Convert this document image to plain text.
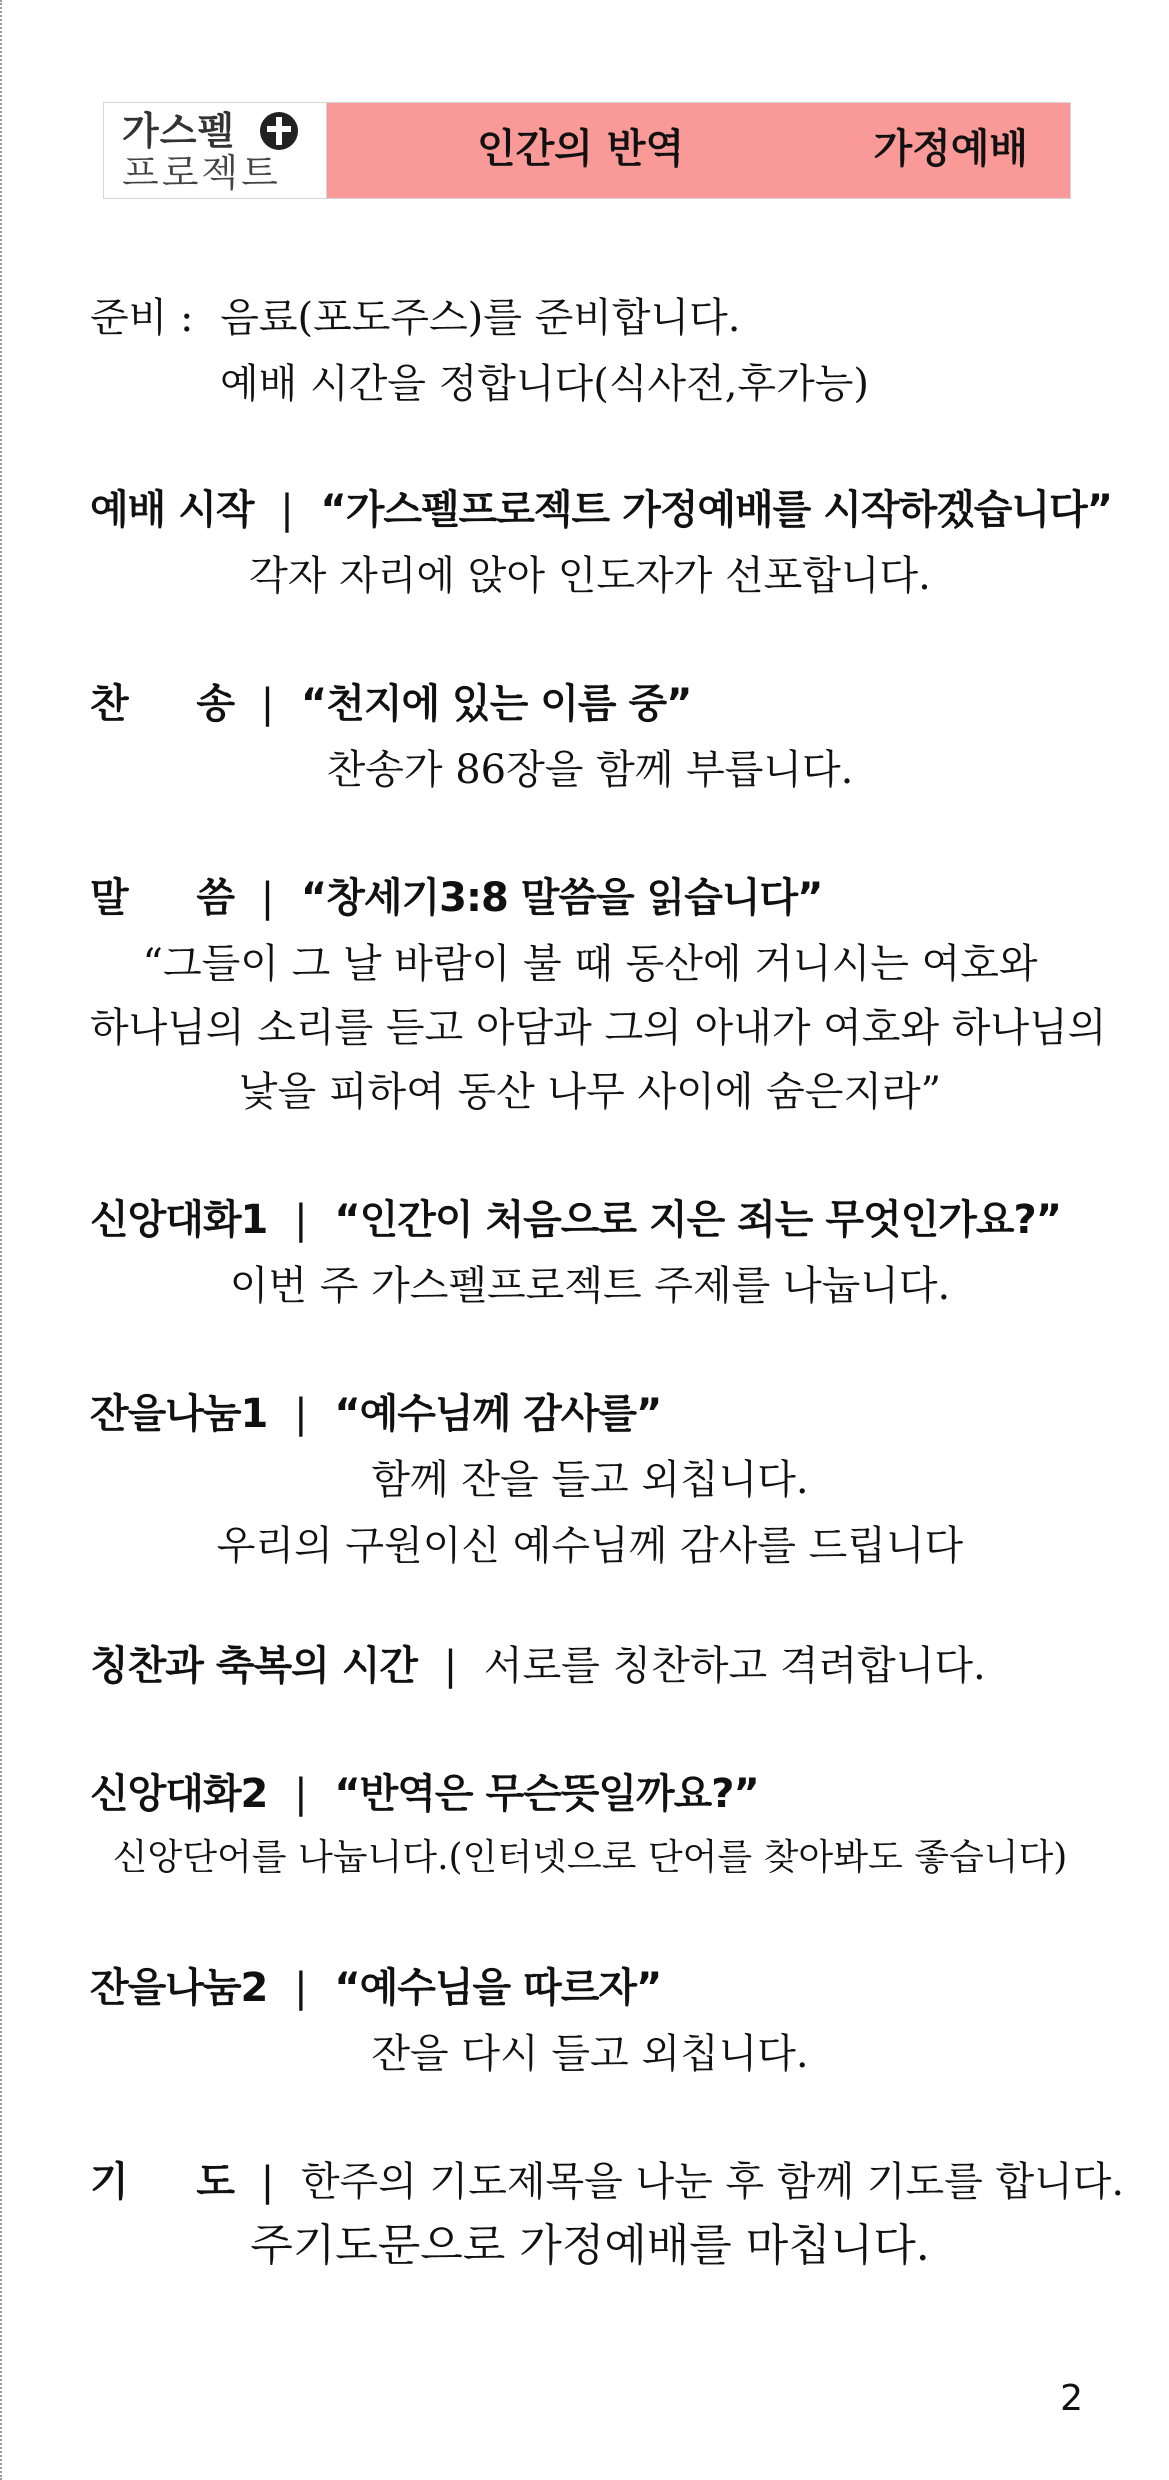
가스펠
프로젝트
인간의 반역	가정예배
준비 : 음료(포도주스)를 준비합니다.
예배 시간을 정합니다(식사전,후가능)
예배 시작 | “가스펠프로젝트 가정예배를 시작하겠습니다”
각자 자리에 앉아 인도자가 선포합니다.
찬 송 | “천지에 있는 이름 중”
찬송가 86장을 함께 부릅니다.
말 씀 | “창세기3:8 말씀을 읽습니다”
“그들이 그 날 바람이 불 때 동산에 거니시는 여호와
하나님의 소리를 듣고 아담과 그의 아내가 여호와 하나님의
낯을 피하여 동산 나무 사이에 숨은지라”
신앙대화1 | “인간이 처음으로 지은 죄는 무엇인가요?”
이번 주 가스펠프로젝트 주제를 나눕니다.
잔을나눔1 | “예수님께 감사를”
함께 잔을 들고 외칩니다.
우리의 구원이신 예수님께 감사를 드립니다
칭찬과 축복의 시간 | 서로를 칭찬하고 격려합니다.
신앙대화2 | “반역은 무슨뜻일까요?”
신앙단어를 나눕니다.(인터넷으로 단어를 찾아봐도 좋습니다)
잔을나눔2 | “예수님을 따르자”
잔을 다시 들고 외칩니다.
기 도 | 한주의 기도제목을 나눈 후 함께 기도를 합니다.
주기도문으로 가정예배를 마칩니다.
2
